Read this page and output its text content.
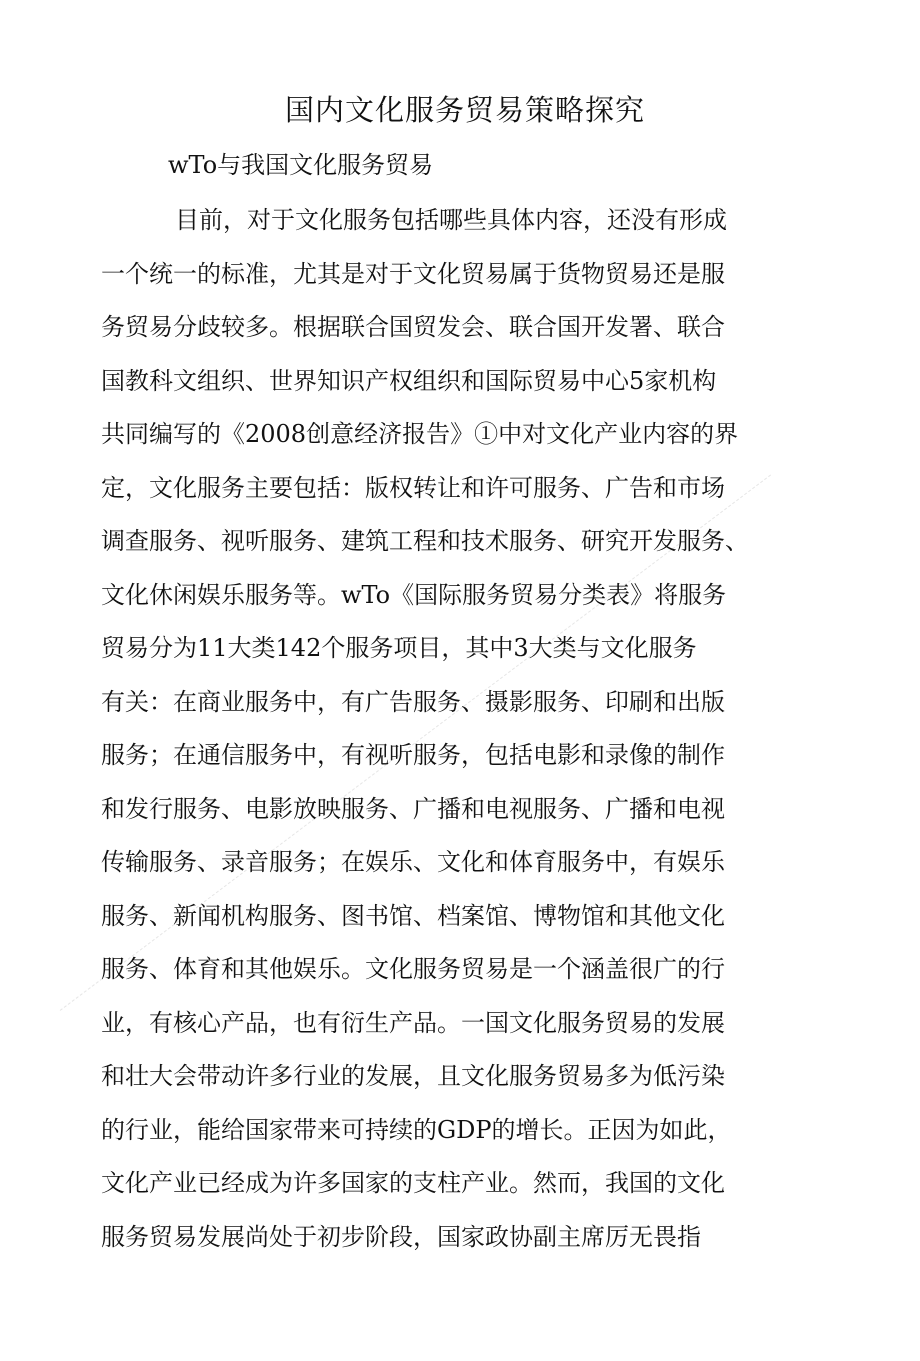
国内文化服务贸易策略探究
wTo与我国文化服务贸易
目前，对于文化服务包括哪些具体内容，还没有形成
一个统一的标准，尤其是对于文化贸易属于货物贸易还是服
务贸易分歧较多。根据联合国贸发会、联合国开发署、联合
国教科文组织、世界知识产权组织和国际贸易中心5家机构
共同编写的《2008创意经济报告》①中对文化产业内容的界
定，文化服务主要包括：版权转让和许可服务、广告和市场
调查服务、视听服务、建筑工程和技术服务、研究开发服务、
文化休闲娱乐服务等。wTo《国际服务贸易分类表》将服务
贸易分为11大类142个服务项目，其中3大类与文化服务
有关：在商业服务中，有广告服务、摄影服务、印刷和出版
服务；在通信服务中，有视听服务，包括电影和录像的制作
和发行服务、电影放映服务、广播和电视服务、广播和电视
传输服务、录音服务；在娱乐、文化和体育服务中，有娱乐
服务、新闻机构服务、图书馆、档案馆、博物馆和其他文化
服务、体育和其他娱乐。文化服务贸易是一个涵盖很广的行
业，有核心产品，也有衍生产品。一国文化服务贸易的发展
和壮大会带动许多行业的发展，且文化服务贸易多为低污染
的行业，能给国家带来可持续的GDP的增长。正因为如此，
文化产业已经成为许多国家的支柱产业。然而，我国的文化
服务贸易发展尚处于初步阶段，国家政协副主席厉无畏指
